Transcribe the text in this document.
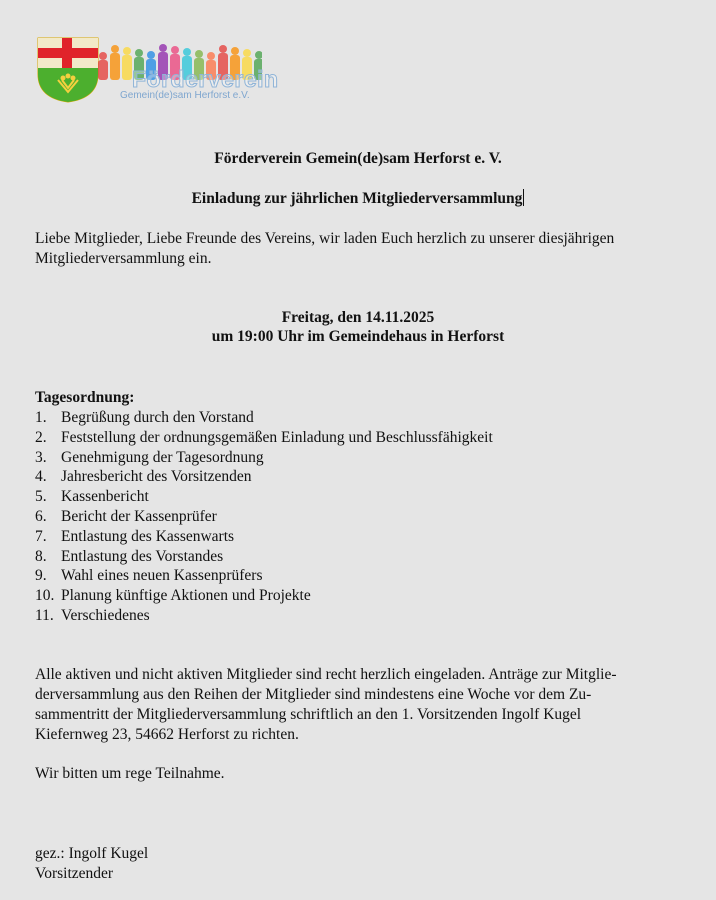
Förderverein
Gemein(de)sam Herforst e.V.
Förderverein Gemein(de)sam Herforst e. V.
Einladung zur jährlichen Mitgliederversammlung
Liebe Mitglieder, Liebe Freunde des Vereins, wir laden Euch herzlich zu unserer diesjährigen Mitgliederversammlung ein.
Freitag, den 14.11.2025
um 19:00 Uhr im Gemeindehaus in Herforst
Tagesordnung:
1. Begrüßung durch den Vorstand
2. Feststellung der ordnungsgemäßen Einladung und Beschlussfähigkeit
3. Genehmigung der Tagesordnung
4. Jahresbericht des Vorsitzenden
5. Kassenbericht
6. Bericht der Kassenprüfer
7. Entlastung des Kassenwarts
8. Entlastung des Vorstandes
9. Wahl eines neuen Kassenprüfers
10. Planung künftige Aktionen und Projekte
11. Verschiedenes
Alle aktiven und nicht aktiven Mitglieder sind recht herzlich eingeladen. Anträge zur Mitglie-
derversammlung aus den Reihen der Mitglieder sind mindestens eine Woche vor dem Zu-
sammentritt der Mitgliederversammlung schriftlich an den 1. Vorsitzenden Ingolf Kugel
Kiefernweg 23, 54662 Herforst zu richten.
Wir bitten um rege Teilnahme.
gez.: Ingolf Kugel
Vorsitzender
